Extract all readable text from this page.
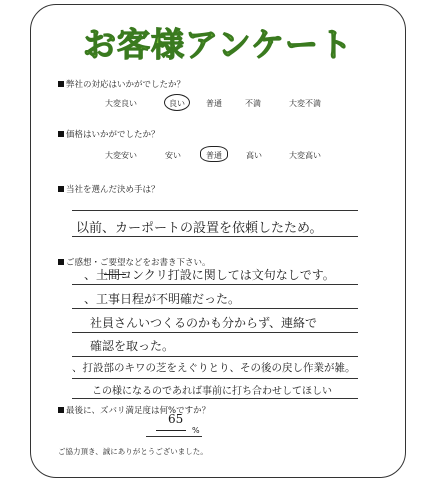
お客様アンケート
弊社の対応はいかがでしたか？
大変良い	良い	普通	不満	大変不満
価格はいかがでしたか？
大変安い	安い	普通	高い	大変高い
当社を選んだ決め手は？
以前、カーポートの設置を依頼したため。
ご感想・ご要望などをお書き下さい。
、土間コンクリ打設に関しては文句なしです。
、工事日程が不明確だった。
社員さんいつくるのかも分からず、連絡で
確認を取った。
、打設部のキワの芝をえぐりとり、その後の戻し作業が雑。
この様になるのであれば事前に打ち合わせしてほしい
最後に、ズバリ満足度は何%ですか？
65
%
ご協力頂き、誠にありがとうございました。
